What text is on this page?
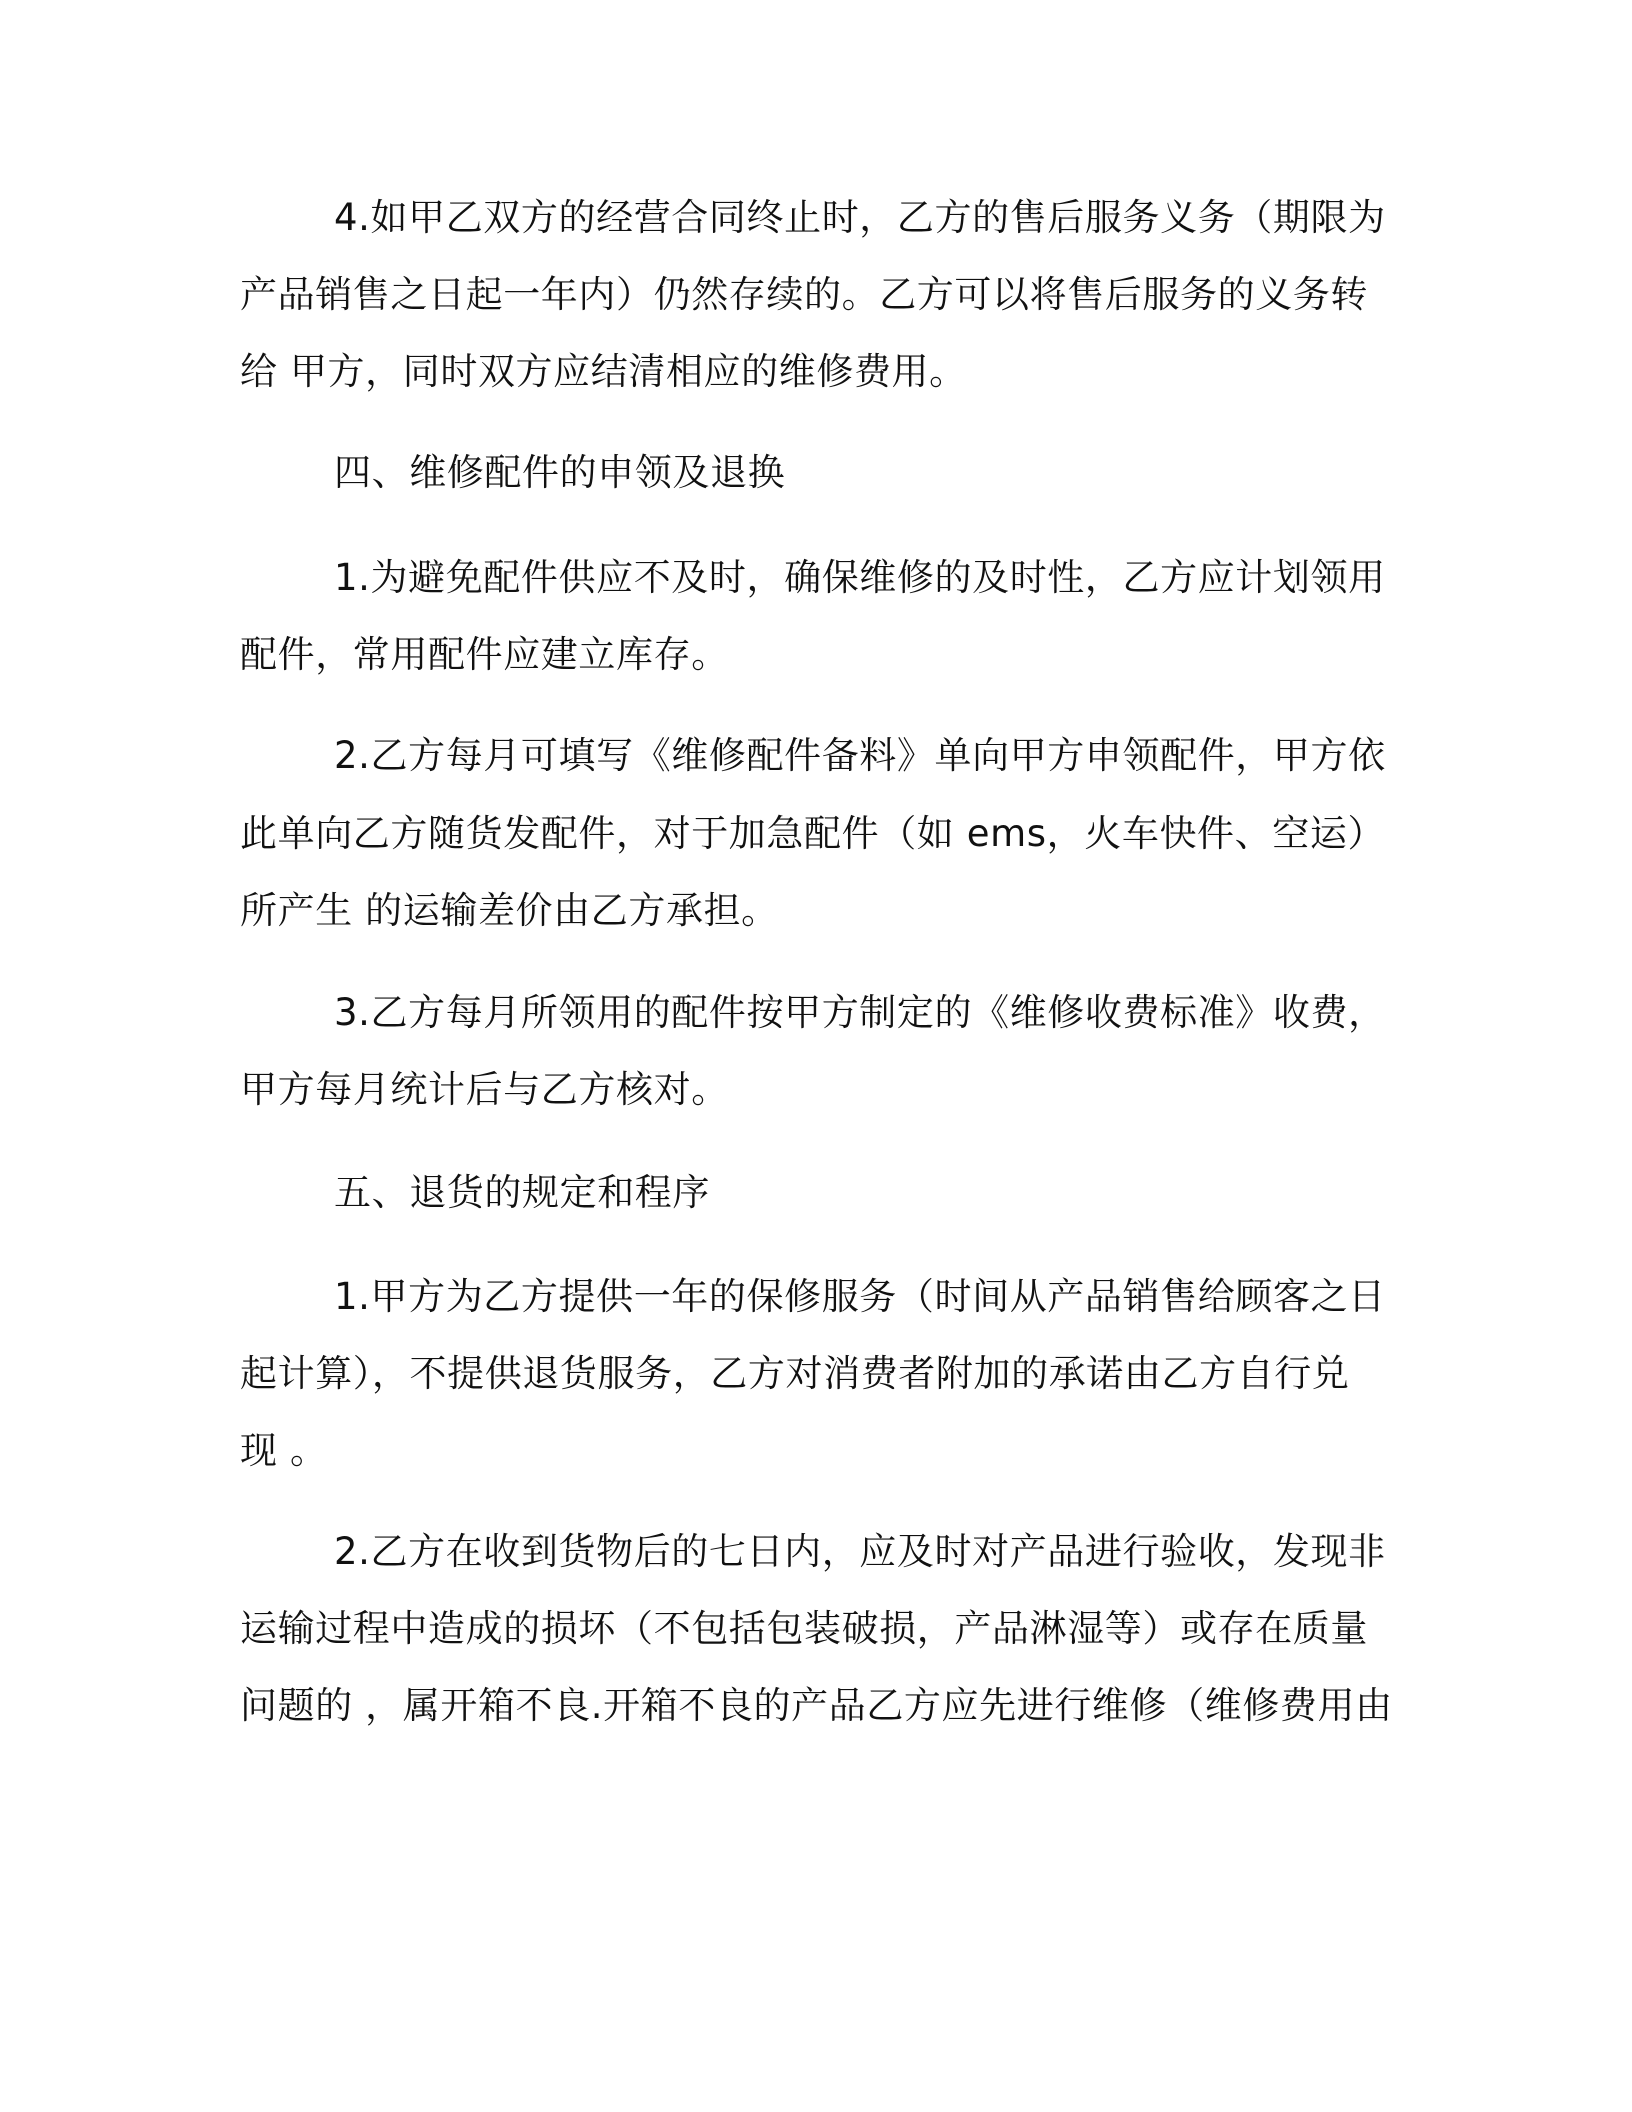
4.如甲乙双方的经营合同终止时，乙方的售后服务义务（期限为
产品销售之日起一年内）仍然存续的。乙方可以将售后服务的义务转
给 甲方，同时双方应结清相应的维修费用。
四、维修配件的申领及退换
1.为避免配件供应不及时，确保维修的及时性，乙方应计划领用
配件，常用配件应建立库存。
2.乙方每月可填写《维修配件备料》单向甲方申领配件，甲方依
此单向乙方随货发配件，对于加急配件（如 ems，火车快件、空运）
所产生 的运输差价由乙方承担。
3.乙方每月所领用的配件按甲方制定的《维修收费标准》收费，
甲方每月统计后与乙方核对。
五、退货的规定和程序
1.甲方为乙方提供一年的保修服务（时间从产品销售给顾客之日
起计算），不提供退货服务，乙方对消费者附加的承诺由乙方自行兑
现 。
2.乙方在收到货物后的七日内，应及时对产品进行验收，发现非
运输过程中造成的损坏（不包括包装破损，产品淋湿等）或存在质量
问题的 ，属开箱不良.开箱不良的产品乙方应先进行维修（维修费用由
